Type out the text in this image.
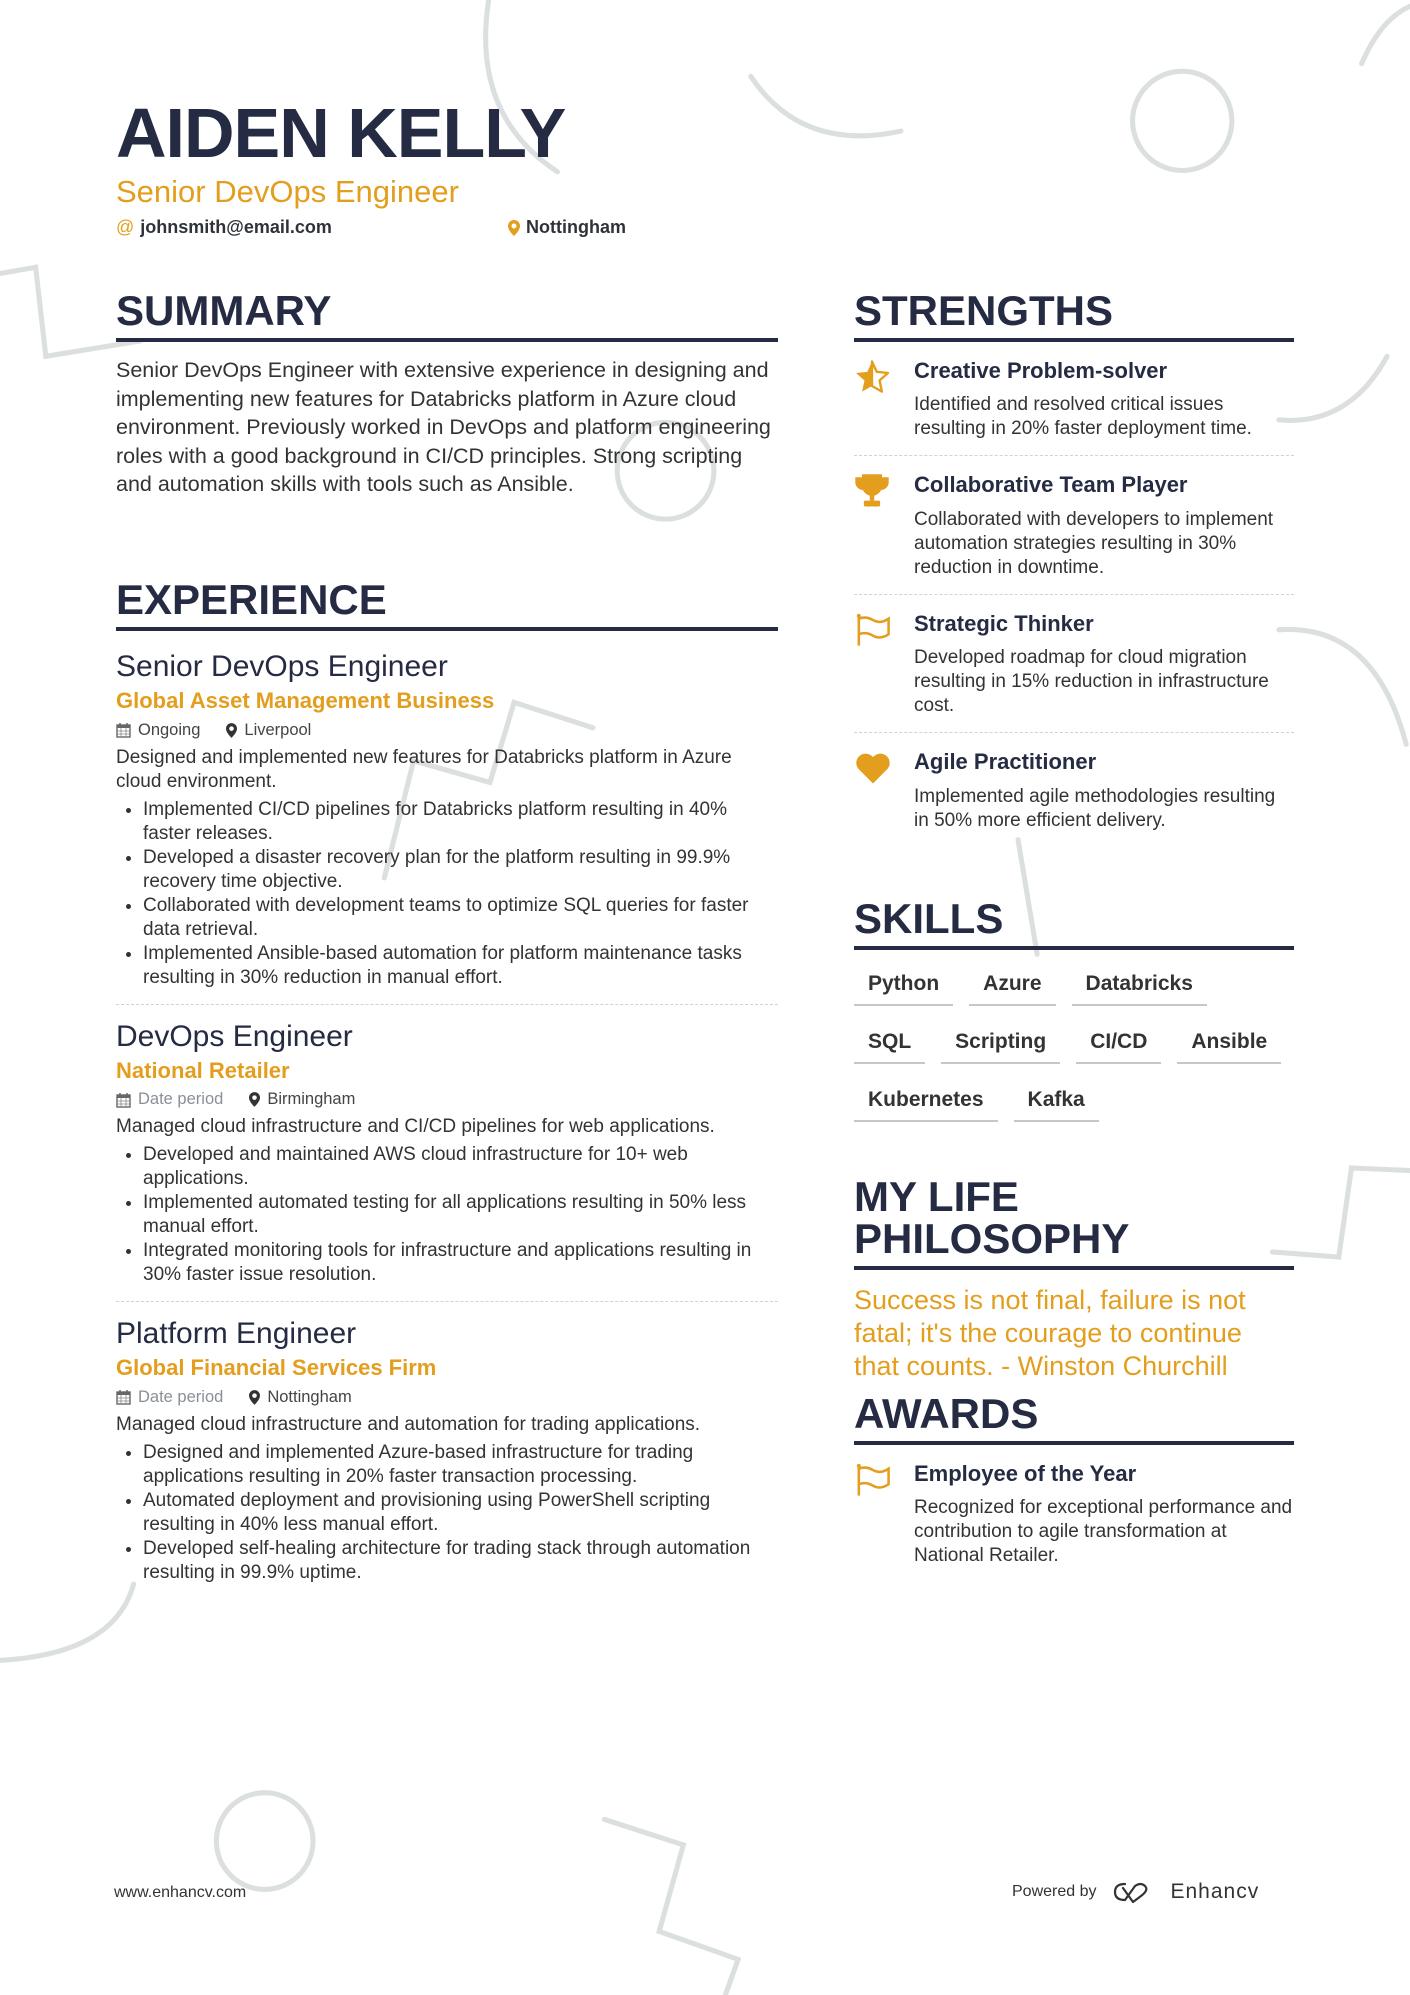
AIDEN KELLY
Senior DevOps Engineer
@ johnsmith@email.com	Nottingham
SUMMARY
Senior DevOps Engineer with extensive experience in designing and implementing new features for Databricks platform in Azure cloud environment. Previously worked in DevOps and platform engineering roles with a good background in CI/CD principles. Strong scripting and automation skills with tools such as Ansible.
EXPERIENCE
Senior DevOps Engineer
Global Asset Management Business
Ongoing	Liverpool
Designed and implemented new features for Databricks platform in Azure cloud environment.
• Implemented CI/CD pipelines for Databricks platform resulting in 40% faster releases.
• Developed a disaster recovery plan for the platform resulting in 99.9% recovery time objective.
• Collaborated with development teams to optimize SQL queries for faster data retrieval.
• Implemented Ansible-based automation for platform maintenance tasks resulting in 30% reduction in manual effort.
DevOps Engineer
National Retailer
Date period	Birmingham
Managed cloud infrastructure and CI/CD pipelines for web applications.
• Developed and maintained AWS cloud infrastructure for 10+ web applications.
• Implemented automated testing for all applications resulting in 50% less manual effort.
• Integrated monitoring tools for infrastructure and applications resulting in 30% faster issue resolution.
Platform Engineer
Global Financial Services Firm
Date period	Nottingham
Managed cloud infrastructure and automation for trading applications.
• Designed and implemented Azure-based infrastructure for trading applications resulting in 20% faster transaction processing.
• Automated deployment and provisioning using PowerShell scripting resulting in 40% less manual effort.
• Developed self-healing architecture for trading stack through automation resulting in 99.9% uptime.
STRENGTHS
Creative Problem-solver
Identified and resolved critical issues resulting in 20% faster deployment time.
Collaborative Team Player
Collaborated with developers to implement automation strategies resulting in 30% reduction in downtime.
Strategic Thinker
Developed roadmap for cloud migration resulting in 15% reduction in infrastructure cost.
Agile Practitioner
Implemented agile methodologies resulting in 50% more efficient delivery.
SKILLS
Python	Azure	Databricks
SQL	Scripting	CI/CD	Ansible
Kubernetes	Kafka
MY LIFE PHILOSOPHY
Success is not final, failure is not fatal; it's the courage to continue that counts. - Winston Churchill
AWARDS
Employee of the Year
Recognized for exceptional performance and contribution to agile transformation at National Retailer.
www.enhancv.com	Powered by	Enhancv
